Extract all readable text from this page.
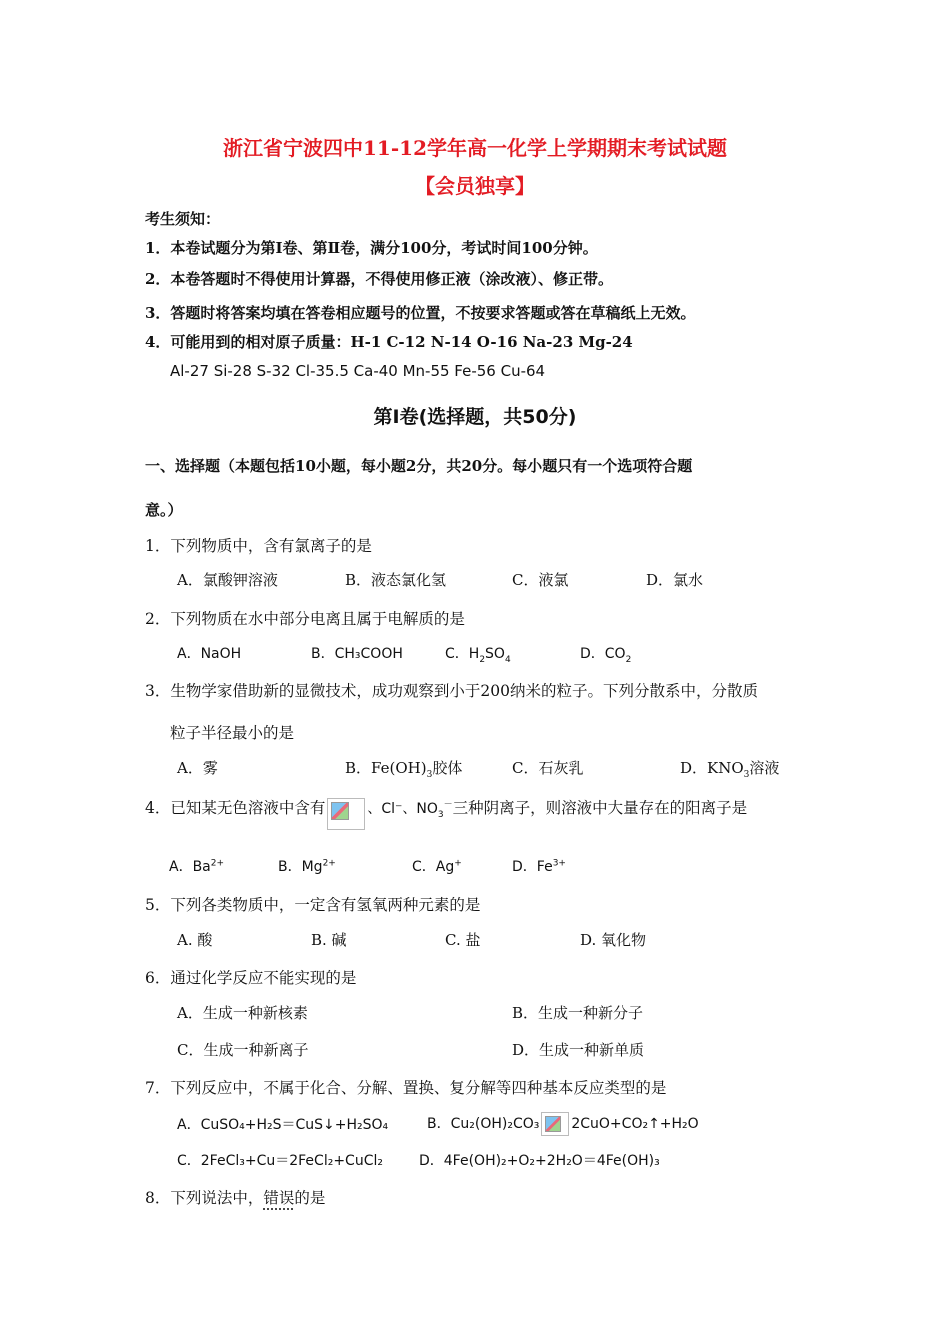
浙江省宁波四中11-12学年高一化学上学期期末考试试题
【会员独享】
考生须知：
1．本卷试题分为第Ⅰ卷、第Ⅱ卷，满分100分，考试时间100分钟。
2．本卷答题时不得使用计算器，不得使用修正液（涂改液）、修正带。
3．答题时将答案均填在答卷相应题号的位置，不按要求答题或答在草稿纸上无效。
4．可能用到的相对原子质量：H-1 C-12 N-14 O-16 Na-23 Mg-24
Al-27 Si-28 S-32 Cl-35.5 Ca-40 Mn-55 Fe-56 Cu-64
第Ⅰ卷(选择题，共50分)
一、选择题（本题包括10小题，每小题2分，共20分。每小题只有一个选项符合题
意。）
1．下列物质中，含有氯离子的是
A．氯酸钾溶液	B．液态氯化氢	C．液氯	D．氯水
2．下列物质在水中部分电离且属于电解质的是
A．NaOH	B．CH₃COOH	C．$H_2SO_4$	D．$CO_2$
3．生物学家借助新的显微技术，成功观察到小于200纳米的粒子。下列分散系中，分散质
粒子半径最小的是
A．雾	B．$Fe(OH)_3$胶体	C．石灰乳	D．$KNO_3$溶液
4．已知某无色溶液中含有	、Cl⁻、$NO_3^-$三种阴离子，则溶液中大量存在的阳离子是
A．$Ba^{2+}$	B．$Mg^{2+}$	C．Ag+	D．$Fe^{3+}$
5．下列各类物质中，一定含有氢氧两种元素的是
A. 酸	B. 碱	C. 盐	D. 氧化物
6．通过化学反应不能实现的是
A．生成一种新核素	B．生成一种新分子
C．生成一种新离子	D．生成一种新单质
7．下列反应中，不属于化合、分解、置换、复分解等四种基本反应类型的是
A．CuSO₄+H₂S＝CuS↓+H₂SO₄	B．Cu₂(OH)₂CO₃ 2CuO+CO₂↑+H₂O
C．2FeCl₃+Cu＝2FeCl₂+CuCl₂	D．4Fe(OH)₂+O₂+2H₂O＝4Fe(OH)₃
8．下列说法中，错误的是
